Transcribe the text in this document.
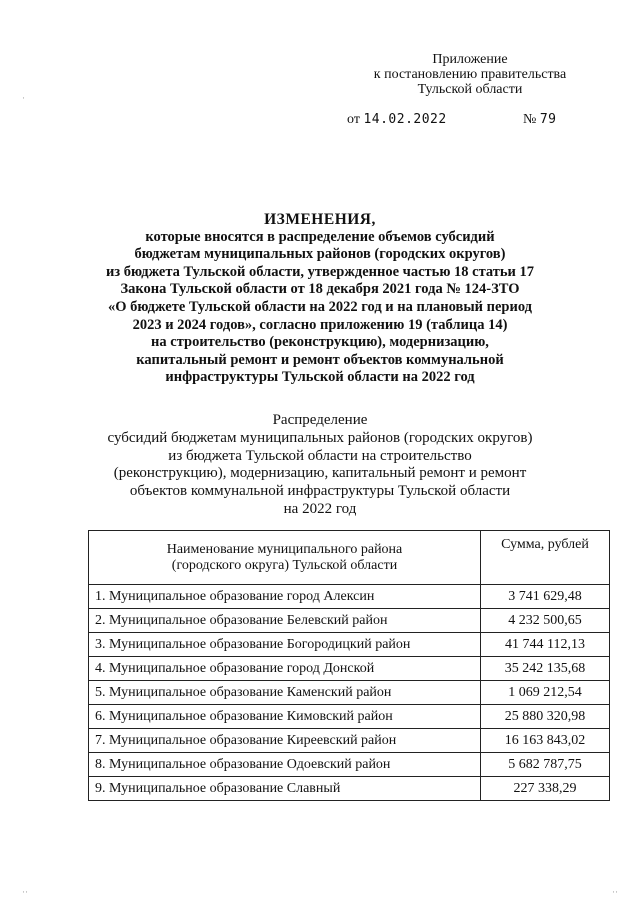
Приложение
к постановлению правительства
Тульской области
от 14.02.2022	№ 79
ИЗМЕНЕНИЯ,
которые вносятся в распределение объемов субсидий
бюджетам муниципальных районов (городских округов)
из бюджета Тульской области, утвержденное частью 18 статьи 17
Закона Тульской области от 18 декабря 2021 года № 124-ЗТО
«О бюджете Тульской области на 2022 год и на плановый период
2023 и 2024 годов», согласно приложению 19 (таблица 14)
на строительство (реконструкцию), модернизацию,
капитальный ремонт и ремонт объектов коммунальной
инфраструктуры Тульской области на 2022 год
Распределение
субсидий бюджетам муниципальных районов (городских округов)
из бюджета Тульской области на строительство
(реконструкцию), модернизацию, капитальный ремонт и ремонт
объектов коммунальной инфраструктуры Тульской области
на 2022 год
Наименование муниципального района
(городского округа) Тульской области	Сумма, рублей
1. Муниципальное образование город Алексин	3 741 629,48
2. Муниципальное образование Белевский район	4 232 500,65
3. Муниципальное образование Богородицкий район	41 744 112,13
4. Муниципальное образование город Донской	35 242 135,68
5. Муниципальное образование Каменский район	1 069 212,54
6. Муниципальное образование Кимовский район	25 880 320,98
7. Муниципальное образование Киреевский район	16 163 843,02
8. Муниципальное образование Одоевский район	5 682 787,75
9. Муниципальное образование Славный	227 338,29
·
··	··
